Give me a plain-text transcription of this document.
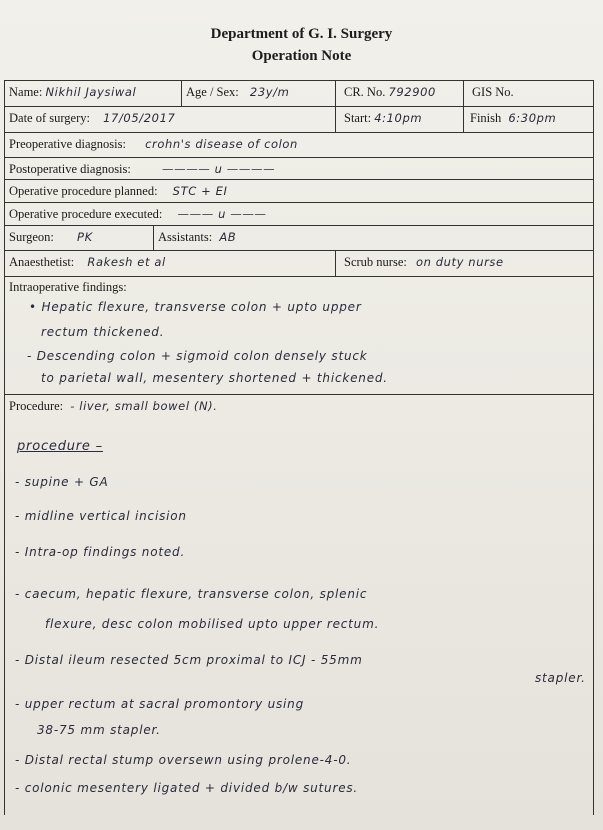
Department of G. I. Surgery
Operation Note
Name: Nikhil Jaysiwal	Age / Sex: 23y/m	CR. No. 792900	GIS No.
Date of surgery: 17/05/2017	Start: 4:10pm	Finish 6:30pm
Preoperative diagnosis: crohn's disease of colon
Postoperative diagnosis:	———— u ————
Operative procedure planned: STC + EI
Operative procedure executed: ——— u ———
Surgeon: PK	Assistants: AB
Anaesthetist: Rakesh et al	Scrub nurse: on duty nurse
Intraoperative findings:
• Hepatic flexure, transverse colon + upto upper
rectum thickened.
- Descending colon + sigmoid colon densely stuck
to parietal wall, mesentery shortened + thickened.
Procedure: - liver, small bowel (N).
procedure –
- supine + GA
- midline vertical incision
- Intra-op findings noted.
- caecum, hepatic flexure, transverse colon, splenic
flexure, desc colon mobilised upto upper rectum.
- Distal ileum resected 5cm proximal to ICJ - 55mm
stapler.
- upper rectum at sacral promontory using
38-75 mm stapler.
- Distal rectal stump oversewn using prolene-4-0.
- colonic mesentery ligated + divided b/w sutures.
